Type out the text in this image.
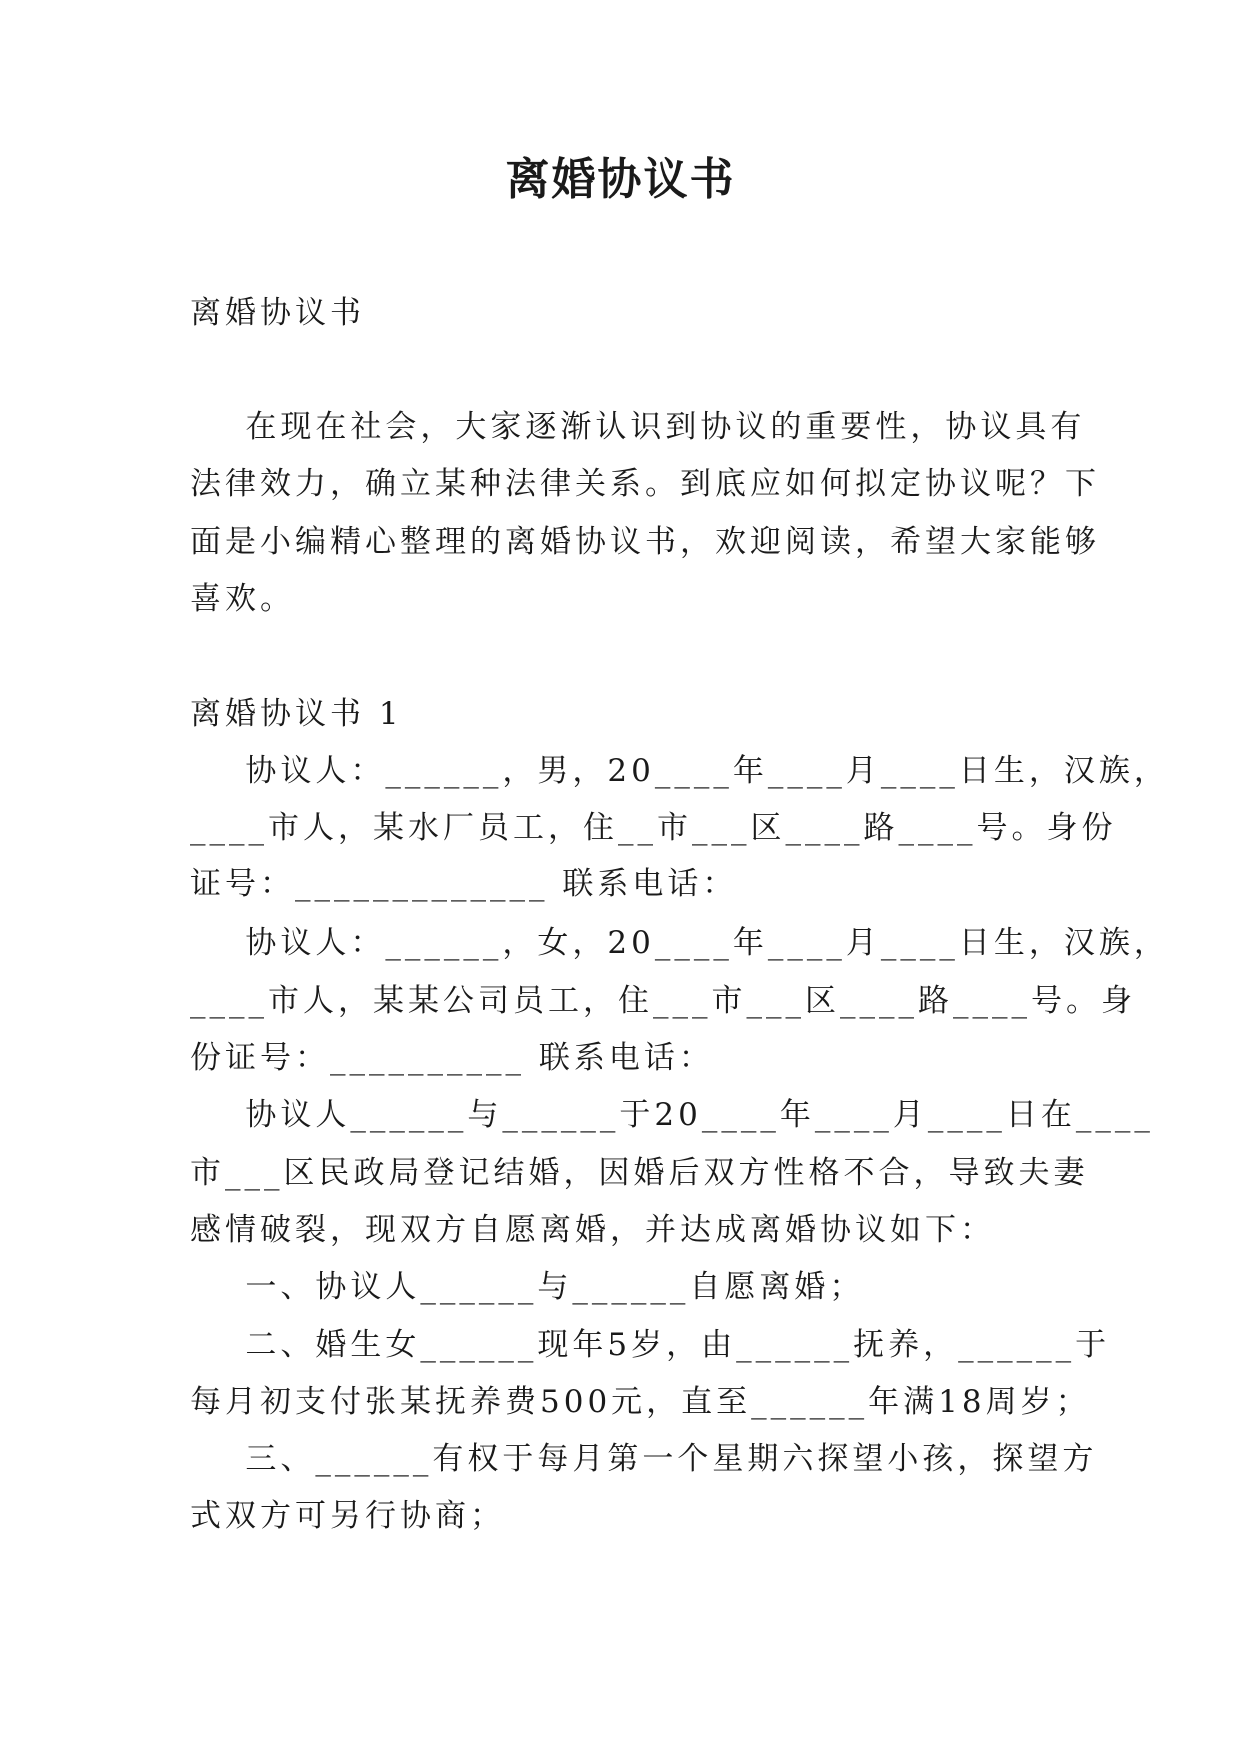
离婚协议书
离婚协议书
在现在社会，大家逐渐认识到协议的重要性，协议具有
法律效力，确立某种法律关系。到底应如何拟定协议呢？下
面是小编精心整理的离婚协议书，欢迎阅读，希望大家能够
喜欢。
离婚协议书 1
协议人：______，男，20____年____月____日生，汉族，
____市人，某水厂员工，住__市___区____路____号。身份
证号：_____________ 联系电话：
协议人：______，女，20____年____月____日生，汉族，
____市人，某某公司员工，住___市___区____路____号。身
份证号：__________ 联系电话：
协议人______与______于20____年____月____日在____
市___区民政局登记结婚，因婚后双方性格不合，导致夫妻
感情破裂，现双方自愿离婚，并达成离婚协议如下：
一、协议人______与______自愿离婚；
二、婚生女______现年5岁，由______抚养，______于
每月初支付张某抚养费500元，直至______年满18周岁；
三、______有权于每月第一个星期六探望小孩，探望方
式双方可另行协商；
